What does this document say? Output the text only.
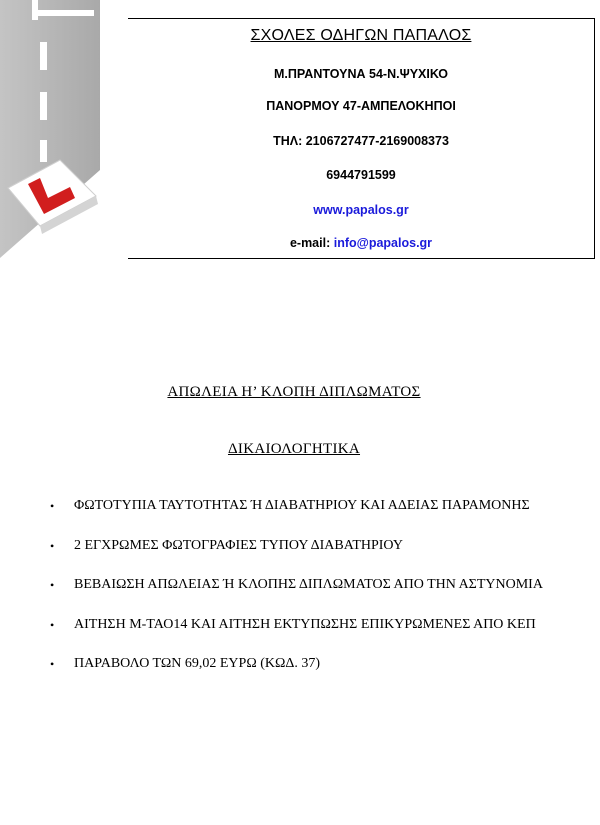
ΣΧΟΛΕΣ ΟΔΗΓΩΝ ΠΑΠΑΛΟΣ
Μ.ΠΡΑΝΤΟΥΝΑ 54-Ν.ΨΥΧΙΚΟ
ΠΑΝΟΡΜΟΥ 47-ΑΜΠΕΛΟΚΗΠΟΙ
ΤΗΛ: 2106727477-2169008373
6944791599
www.papalos.gr
e-mail: info@papalos.gr
ΑΠΩΛΕΙΑ Η’ ΚΛΟΠΗ ΔΙΠΛΩΜΑΤΟΣ
ΔΙΚΑΙΟΛΟΓΗΤΙΚΑ
• ΦΩΤΟΤΥΠΙΑ ΤΑΥΤΟΤΗΤΑΣ Ή ΔΙΑΒΑΤΗΡΙΟΥ ΚΑΙ ΑΔΕΙΑΣ ΠΑΡΑΜΟΝΗΣ
• 2 ΕΓΧΡΩΜΕΣ ΦΩΤΟΓΡΑΦΙΕΣ ΤΥΠΟΥ ΔΙΑΒΑΤΗΡΙΟΥ
• ΒΕΒΑΙΩΣΗ ΑΠΩΛΕΙΑΣ Ή ΚΛΟΠΗΣ ΔΙΠΛΩΜΑΤΟΣ ΑΠΟ ΤΗΝ ΑΣΤΥΝΟΜΙΑ
• ΑΙΤΗΣΗ Μ-ΤΑΟ14 ΚΑΙ ΑΙΤΗΣΗ ΕΚΤΥΠΩΣΗΣ ΕΠΙΚΥΡΩΜΕΝΕΣ ΑΠΟ ΚΕΠ
• ΠΑΡΑΒΟΛΟ ΤΩΝ 69,02 ΕΥΡΩ (ΚΩΔ. 37)
